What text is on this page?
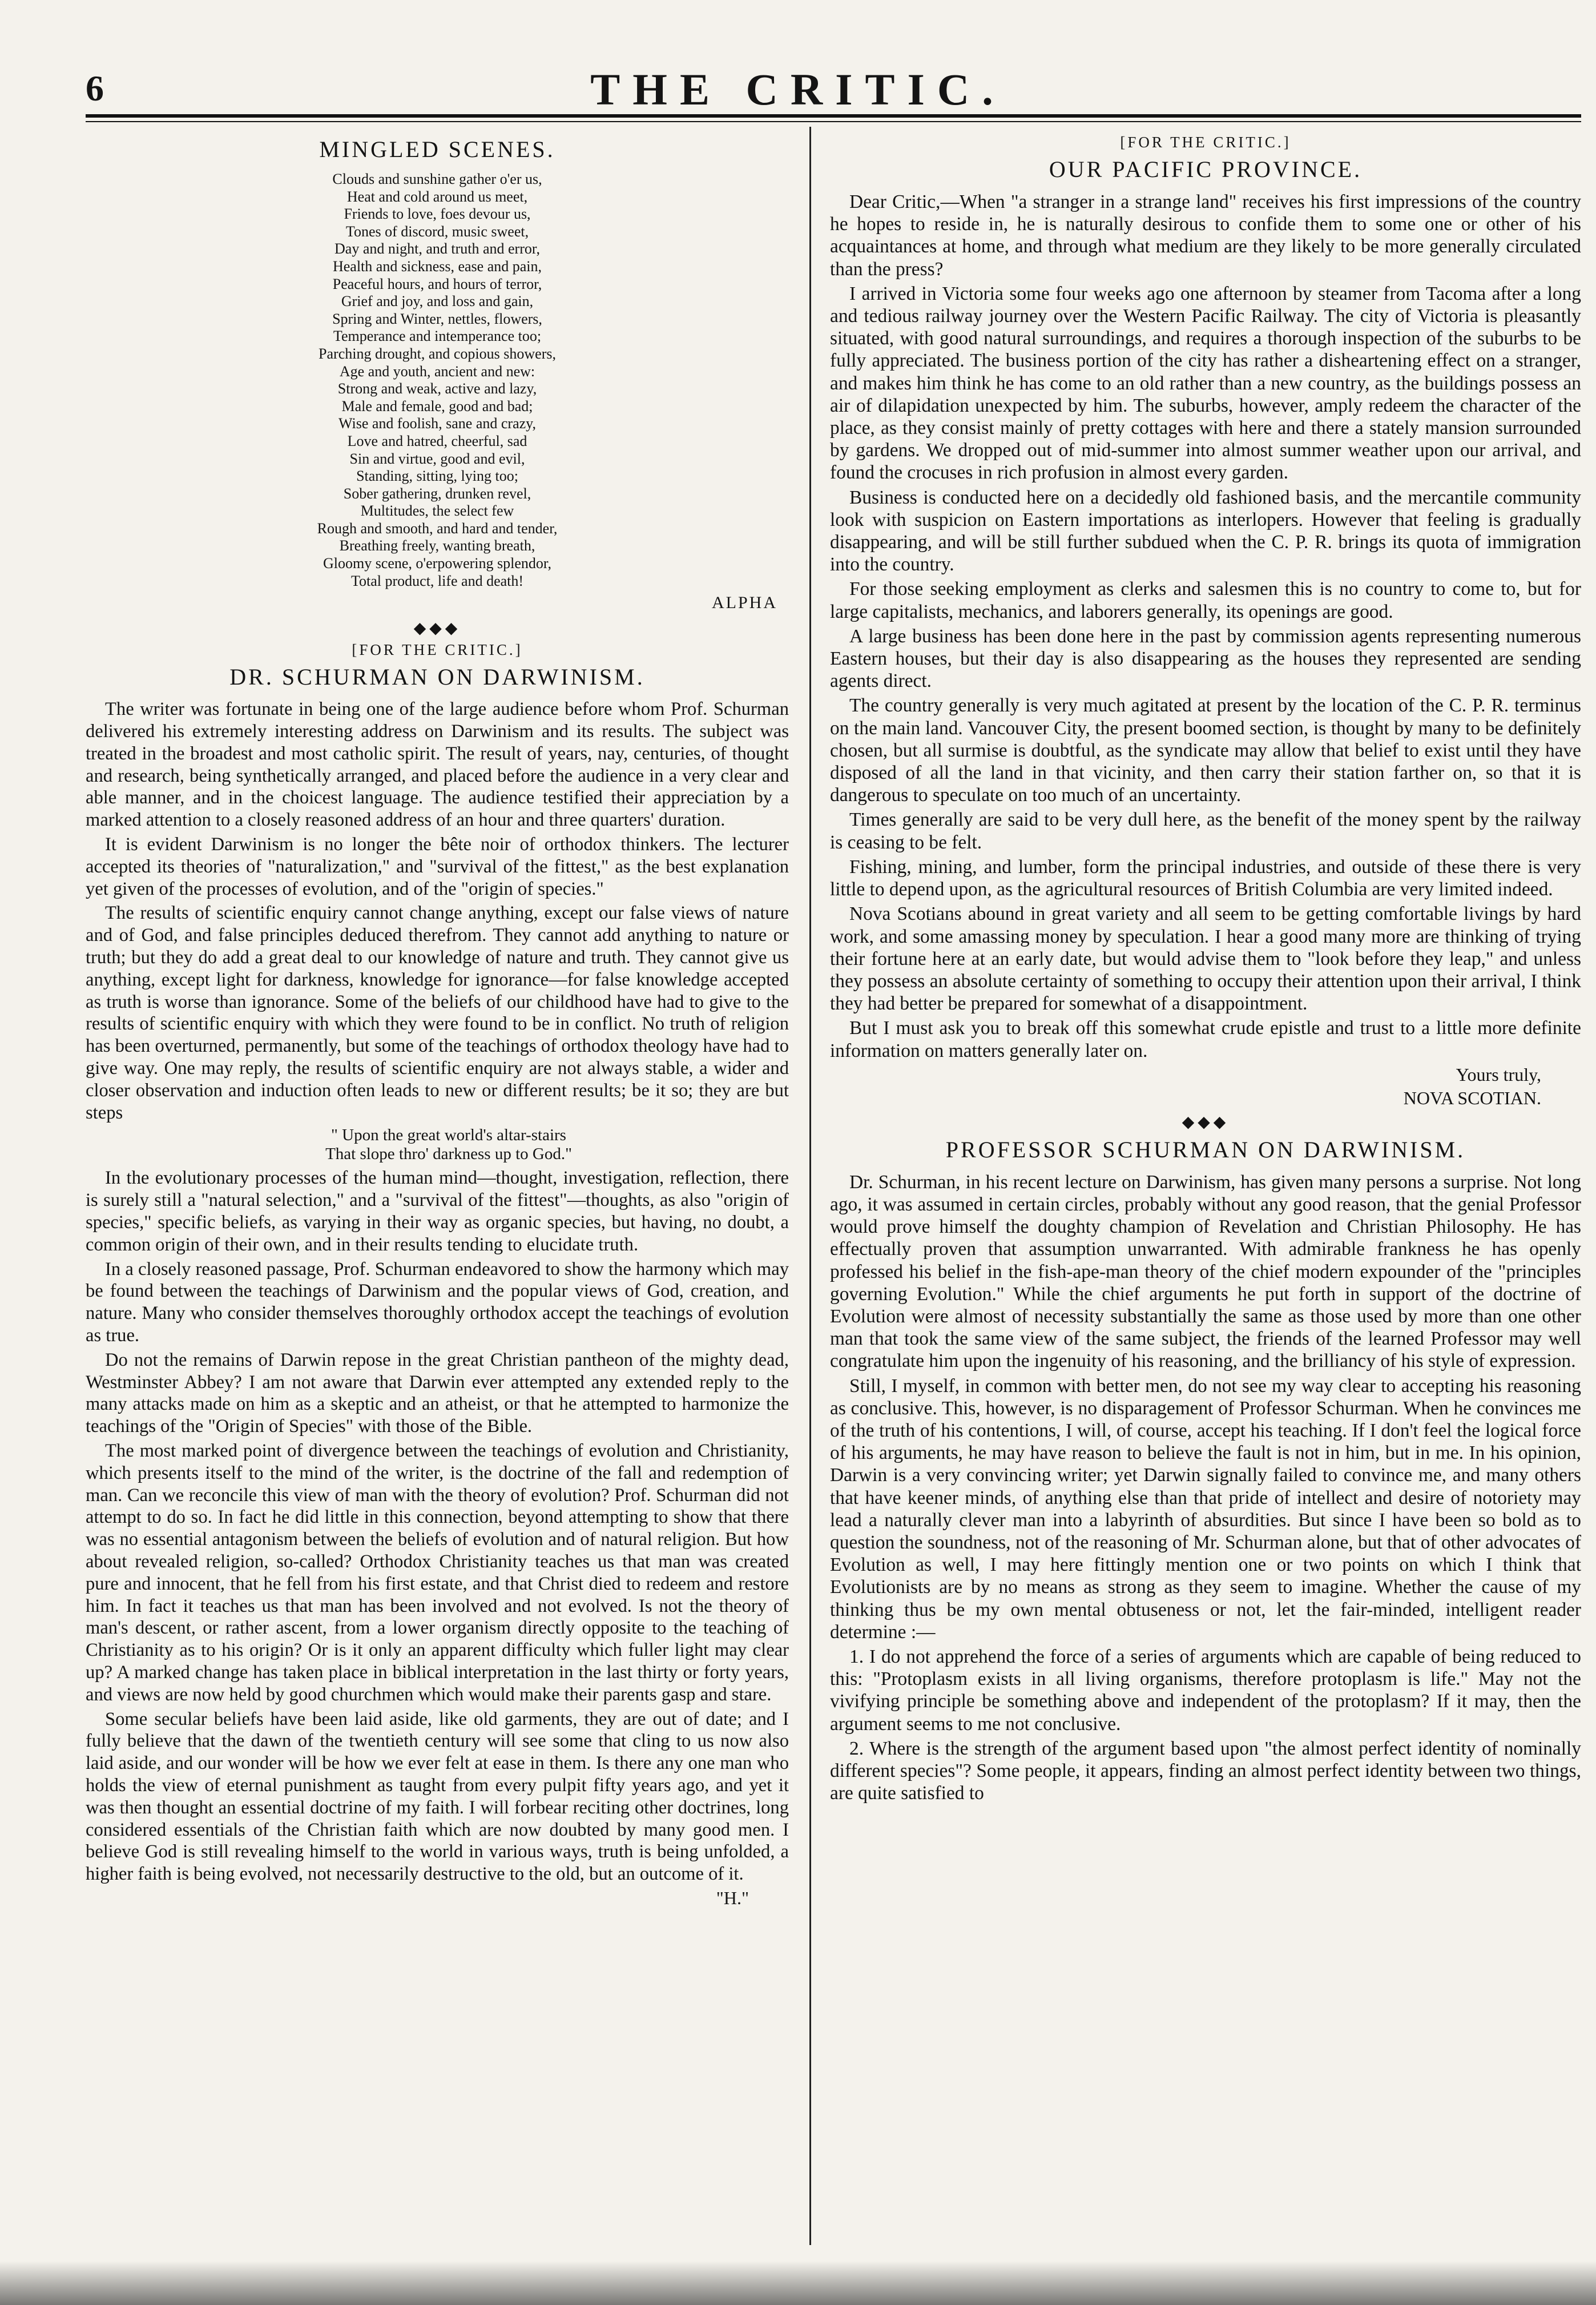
6	THE CRITIC.
MINGLED SCENES.
Clouds and sunshine gather o'er us,
Heat and cold around us meet,
Friends to love, foes devour us,
Tones of discord, music sweet,
Day and night, and truth and error,
Health and sickness, ease and pain,
Peaceful hours, and hours of terror,
Grief and joy, and loss and gain,
Spring and Winter, nettles, flowers,
Temperance and intemperance too;
Parching drought, and copious showers,
Age and youth, ancient and new:
Strong and weak, active and lazy,
Male and female, good and bad;
Wise and foolish, sane and crazy,
Love and hatred, cheerful, sad
Sin and virtue, good and evil,
Standing, sitting, lying too;
Sober gathering, drunken revel,
Multitudes, the select few
Rough and smooth, and hard and tender,
Breathing freely, wanting breath,
Gloomy scene, o'erpowering splendor,
Total product, life and death!
ALPHA
◆◆◆
[FOR THE CRITIC.]
DR. SCHURMAN ON DARWINISM.

The writer was fortunate in being one of the large audience before whom Prof. Schurman delivered his extremely interesting address on Darwinism and its results. The subject was treated in the broadest and most catholic spirit. The result of years, nay, centuries, of thought and research, being synthetically arranged, and placed before the audience in a very clear and able manner, and in the choicest language. The audience testified their appreciation by a marked attention to a closely reasoned address of an hour and three quarters' duration.

It is evident Darwinism is no longer the bête noir of orthodox thinkers. The lecturer accepted its theories of "naturalization," and "survival of the fittest," as the best explanation yet given of the processes of evolution, and of the "origin of species."

The results of scientific enquiry cannot change anything, except our false views of nature and of God, and false principles deduced therefrom. They cannot add anything to nature or truth; but they do add a great deal to our knowledge of nature and truth. They cannot give us anything, except light for darkness, knowledge for ignorance—for false knowledge accepted as truth is worse than ignorance. Some of the beliefs of our childhood have had to give to the results of scientific enquiry with which they were found to be in conflict. No truth of religion has been overturned, permanently, but some of the teachings of orthodox theology have had to give way. One may reply, the results of scientific enquiry are not always stable, a wider and closer observation and induction often leads to new or different results; be it so; they are but steps

" Upon the great world's altar-stairs
That slope thro' darkness up to God."

In the evolutionary processes of the human mind—thought, investigation, reflection, there is surely still a "natural selection," and a "survival of the fittest"—thoughts, as also "origin of species," specific beliefs, as varying in their way as organic species, but having, no doubt, a common origin of their own, and in their results tending to elucidate truth.

In a closely reasoned passage, Prof. Schurman endeavored to show the harmony which may be found between the teachings of Darwinism and the popular views of God, creation, and nature. Many who consider themselves thoroughly orthodox accept the teachings of evolution as true.

Do not the remains of Darwin repose in the great Christian pantheon of the mighty dead, Westminster Abbey? I am not aware that Darwin ever attempted any extended reply to the many attacks made on him as a skeptic and an atheist, or that he attempted to harmonize the teachings of the "Origin of Species" with those of the Bible.

The most marked point of divergence between the teachings of evolution and Christianity, which presents itself to the mind of the writer, is the doctrine of the fall and redemption of man. Can we reconcile this view of man with the theory of evolution? Prof. Schurman did not attempt to do so. In fact he did little in this connection, beyond attempting to show that there was no essential antagonism between the beliefs of evolution and of natural religion. But how about revealed religion, so-called? Orthodox Christianity teaches us that man was created pure and innocent, that he fell from his first estate, and that Christ died to redeem and restore him. In fact it teaches us that man has been involved and not evolved. Is not the theory of man's descent, or rather ascent, from a lower organism directly opposite to the teaching of Christianity as to his origin? Or is it only an apparent difficulty which fuller light may clear up? A marked change has taken place in biblical interpretation in the last thirty or forty years, and views are now held by good churchmen which would make their parents gasp and stare.

Some secular beliefs have been laid aside, like old garments, they are out of date; and I fully believe that the dawn of the twentieth century will see some that cling to us now also laid aside, and our wonder will be how we ever felt at ease in them. Is there any one man who holds the view of eternal punishment as taught from every pulpit fifty years ago, and yet it was then thought an essential doctrine of my faith. I will forbear reciting other doctrines, long considered essentials of the Christian faith which are now doubted by many good men. I believe God is still revealing himself to the world in various ways, truth is being unfolded, a higher faith is being evolved, not necessarily destructive to the old, but an outcome of it.

"H."
[FOR THE CRITIC.]
OUR PACIFIC PROVINCE.

Dear Critic,—When "a stranger in a strange land" receives his first impressions of the country he hopes to reside in, he is naturally desirous to confide them to some one or other of his acquaintances at home, and through what medium are they likely to be more generally circulated than the press?

I arrived in Victoria some four weeks ago one afternoon by steamer from Tacoma after a long and tedious railway journey over the Western Pacific Railway. The city of Victoria is pleasantly situated, with good natural surroundings, and requires a thorough inspection of the suburbs to be fully appreciated. The business portion of the city has rather a disheartening effect on a stranger, and makes him think he has come to an old rather than a new country, as the buildings possess an air of dilapidation unexpected by him. The suburbs, however, amply redeem the character of the place, as they consist mainly of pretty cottages with here and there a stately mansion surrounded by gardens. We dropped out of mid-summer into almost summer weather upon our arrival, and found the crocuses in rich profusion in almost every garden.

Business is conducted here on a decidedly old fashioned basis, and the mercantile community look with suspicion on Eastern importations as interlopers. However that feeling is gradually disappearing, and will be still further subdued when the C. P. R. brings its quota of immigration into the country.

For those seeking employment as clerks and salesmen this is no country to come to, but for large capitalists, mechanics, and laborers generally, its openings are good.

A large business has been done here in the past by commission agents representing numerous Eastern houses, but their day is also disappearing as the houses they represented are sending agents direct.

The country generally is very much agitated at present by the location of the C. P. R. terminus on the main land. Vancouver City, the present boomed section, is thought by many to be definitely chosen, but all surmise is doubtful, as the syndicate may allow that belief to exist until they have disposed of all the land in that vicinity, and then carry their station farther on, so that it is dangerous to speculate on too much of an uncertainty.

Times generally are said to be very dull here, as the benefit of the money spent by the railway is ceasing to be felt.

Fishing, mining, and lumber, form the principal industries, and outside of these there is very little to depend upon, as the agricultural resources of British Columbia are very limited indeed.

Nova Scotians abound in great variety and all seem to be getting comfortable livings by hard work, and some amassing money by speculation. I hear a good many more are thinking of trying their fortune here at an early date, but would advise them to "look before they leap," and unless they possess an absolute certainty of something to occupy their attention upon their arrival, I think they had better be prepared for somewhat of a disappointment.

But I must ask you to break off this somewhat crude epistle and trust to a little more definite information on matters generally later on.

Yours truly,
NOVA SCOTIAN.
◆◆◆
PROFESSOR SCHURMAN ON DARWINISM.

Dr. Schurman, in his recent lecture on Darwinism, has given many persons a surprise. Not long ago, it was assumed in certain circles, probably without any good reason, that the genial Professor would prove himself the doughty champion of Revelation and Christian Philosophy. He has effectually proven that assumption unwarranted. With admirable frankness he has openly professed his belief in the fish-ape-man theory of the chief modern expounder of the "principles governing Evolution." While the chief arguments he put forth in support of the doctrine of Evolution were almost of necessity substantially the same as those used by more than one other man that took the same view of the same subject, the friends of the learned Professor may well congratulate him upon the ingenuity of his reasoning, and the brilliancy of his style of expression.

Still, I myself, in common with better men, do not see my way clear to accepting his reasoning as conclusive. This, however, is no disparagement of Professor Schurman. When he convinces me of the truth of his contentions, I will, of course, accept his teaching. If I don't feel the logical force of his arguments, he may have reason to believe the fault is not in him, but in me. In his opinion, Darwin is a very convincing writer; yet Darwin signally failed to convince me, and many others that have keener minds, of anything else than that pride of intellect and desire of notoriety may lead a naturally clever man into a labyrinth of absurdities. But since I have been so bold as to question the soundness, not of the reasoning of Mr. Schurman alone, but that of other advocates of Evolution as well, I may here fittingly mention one or two points on which I think that Evolutionists are by no means as strong as they seem to imagine. Whether the cause of my thinking thus be my own mental obtuseness or not, let the fair-minded, intelligent reader determine :—

1. I do not apprehend the force of a series of arguments which are capable of being reduced to this: "Protoplasm exists in all living organisms, therefore protoplasm is life." May not the vivifying principle be something above and independent of the protoplasm? If it may, then the argument seems to me not conclusive.
2. Where is the strength of the argument based upon "the almost perfect identity of nominally different species"? Some people, it appears, finding an almost perfect identity between two things, are quite satisfied to
